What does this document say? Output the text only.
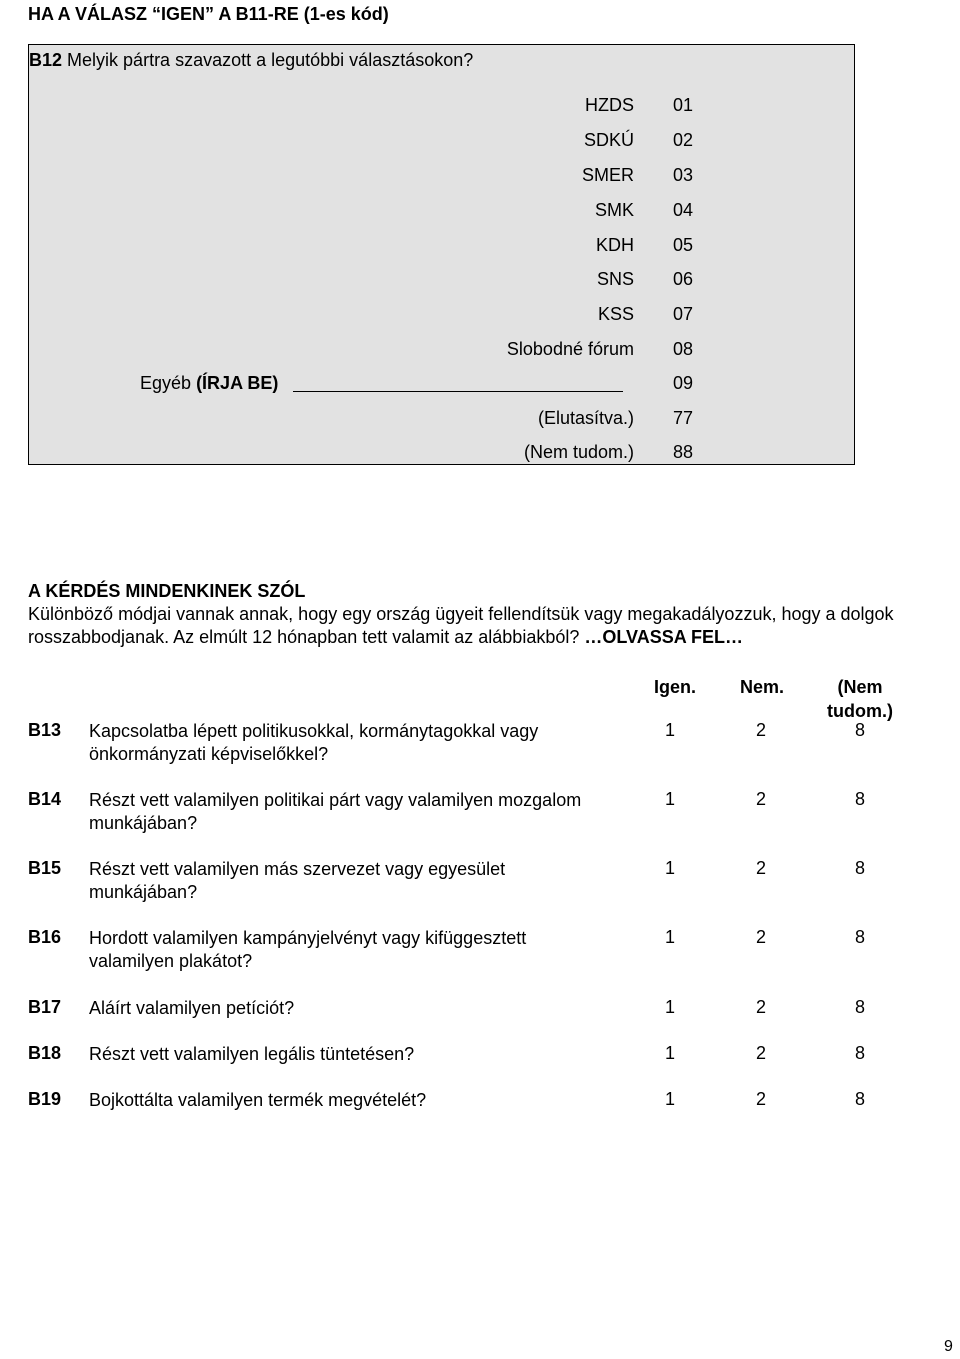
HA A VÁLASZ “IGEN” A B11-RE (1-es kód)
B12 Melyik pártra szavazott a legutóbbi választásokon?
HZDS 01
SDKÚ 02
SMER 03
SMK 04
KDH 05
SNS 06
KSS 07
Slobodné fórum 08
Egyéb (ÍRJA BE)	09
(Elutasítva.) 77
(Nem tudom.) 88
A KÉRDÉS MINDENKINEK SZÓL
Különböző módjai vannak annak, hogy egy ország ügyeit fellendítsük vagy megakadályozzuk, hogy a dolgok rosszabbodjanak. Az elmúlt 12 hónapban tett valamit az alábbiakból? …OLVASSA FEL…
Igen. Nem.	(Nem tudom.)
B13 Kapcsolatba lépett politikusokkal, kormánytagokkal vagy önkormányzati képviselőkkel?
1	2	8
B14 Részt vett valamilyen politikai párt vagy valamilyen mozgalom munkájában?
1	2	8
B15 Részt vett valamilyen más szervezet vagy egyesület munkájában?
1	2	8
B16 Hordott valamilyen kampányjelvényt vagy kifüggesztett valamilyen plakátot?
1	2	8
B17 Aláírt valamilyen petíciót?	1	2	8
B18 Részt vett valamilyen legális tüntetésen?	1	2	8
B19 Bojkottálta valamilyen termék megvételét?	1	2	8
9
